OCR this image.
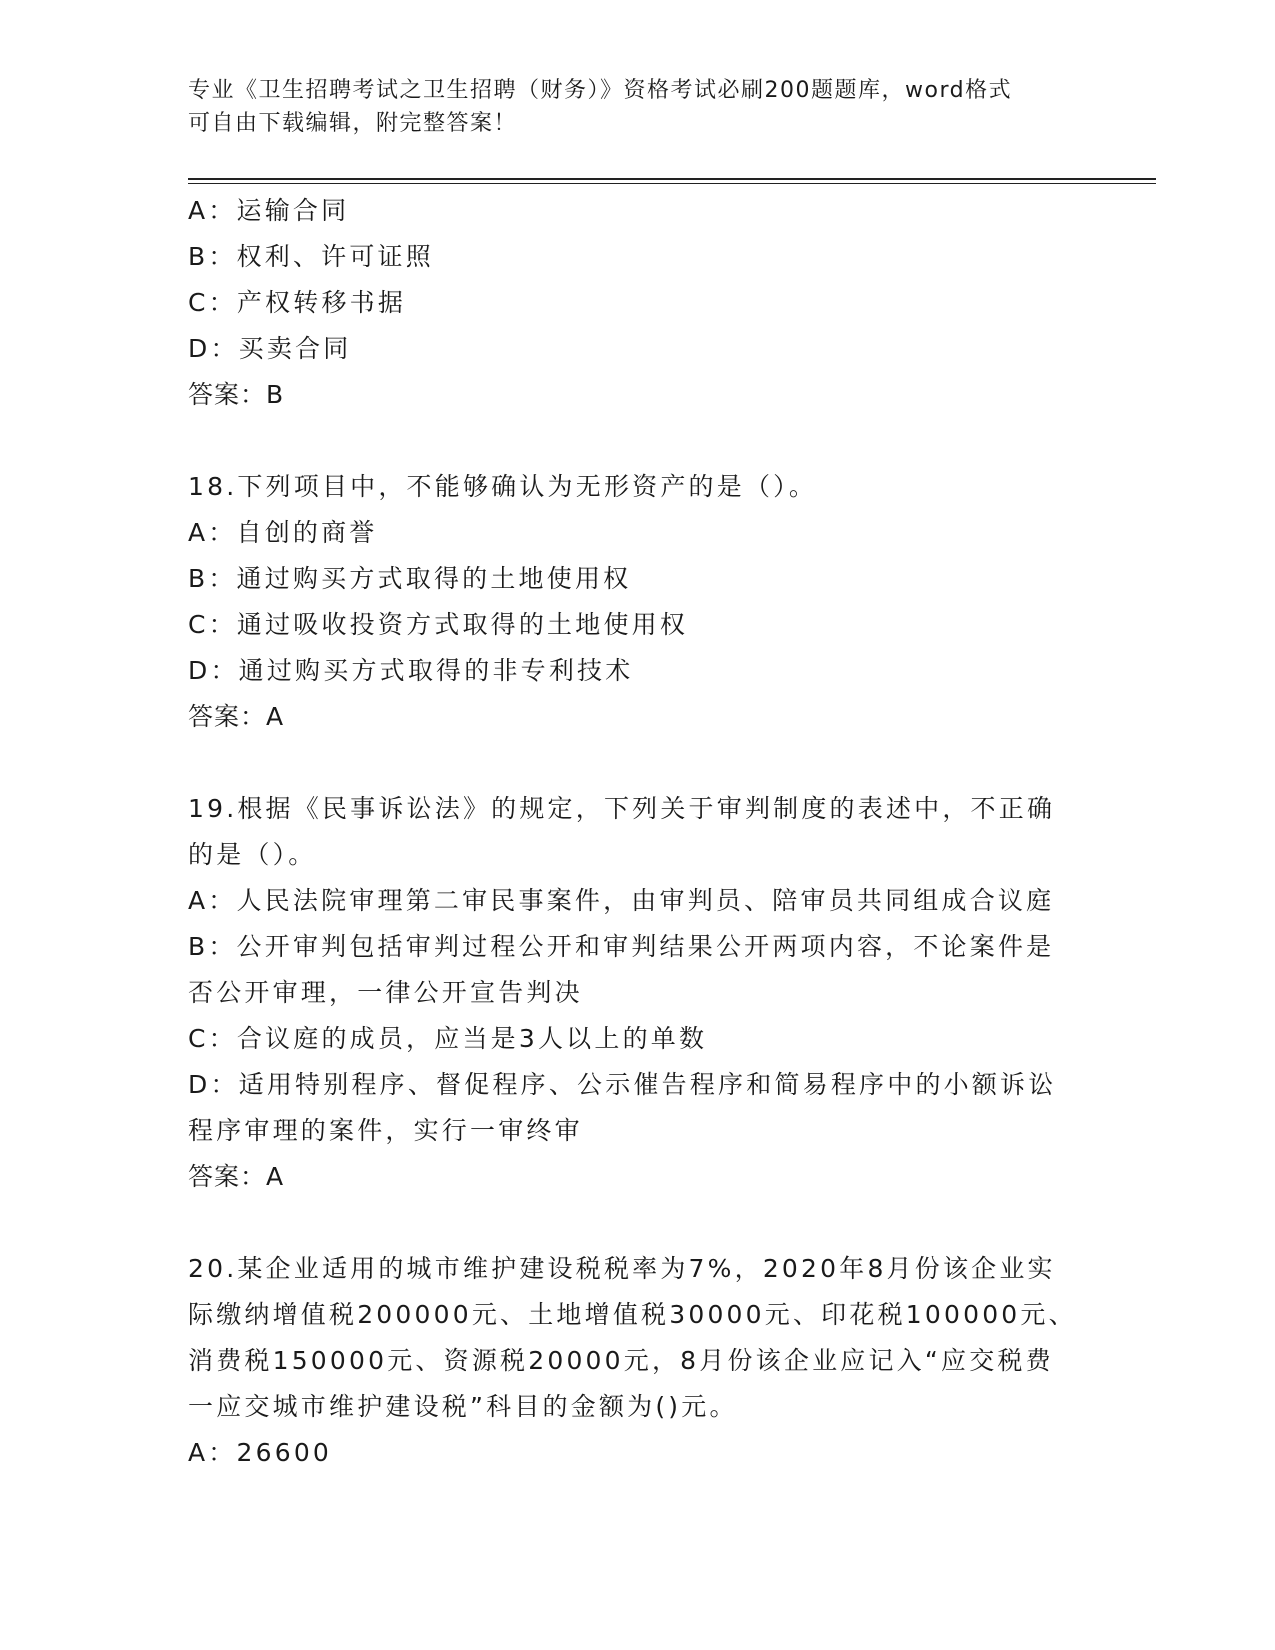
专业《卫生招聘考试之卫生招聘（财务）》资格考试必刷200题题库，word格式
可自由下载编辑，附完整答案！
A：运输合同
B：权利、许可证照
C：产权转移书据
D：买卖合同
答案：B
18.下列项目中，不能够确认为无形资产的是（）。
A：自创的商誉
B：通过购买方式取得的土地使用权
C：通过吸收投资方式取得的土地使用权
D：通过购买方式取得的非专利技术
答案：A
19.根据《民事诉讼法》的规定，下列关于审判制度的表述中，不正确
的是（）。
A：人民法院审理第二审民事案件，由审判员、陪审员共同组成合议庭
B：公开审判包括审判过程公开和审判结果公开两项内容，不论案件是
否公开审理，一律公开宣告判决
C：合议庭的成员，应当是3人以上的单数
D：适用特别程序、督促程序、公示催告程序和简易程序中的小额诉讼
程序审理的案件，实行一审终审
答案：A
20.某企业适用的城市维护建设税税率为7%，2020年8月份该企业实
际缴纳增值税200000元、土地增值税30000元、印花税100000元、
消费税150000元、资源税20000元，8月份该企业应记入“应交税费
一应交城市维护建设税”科目的金额为()元。
A：26600
